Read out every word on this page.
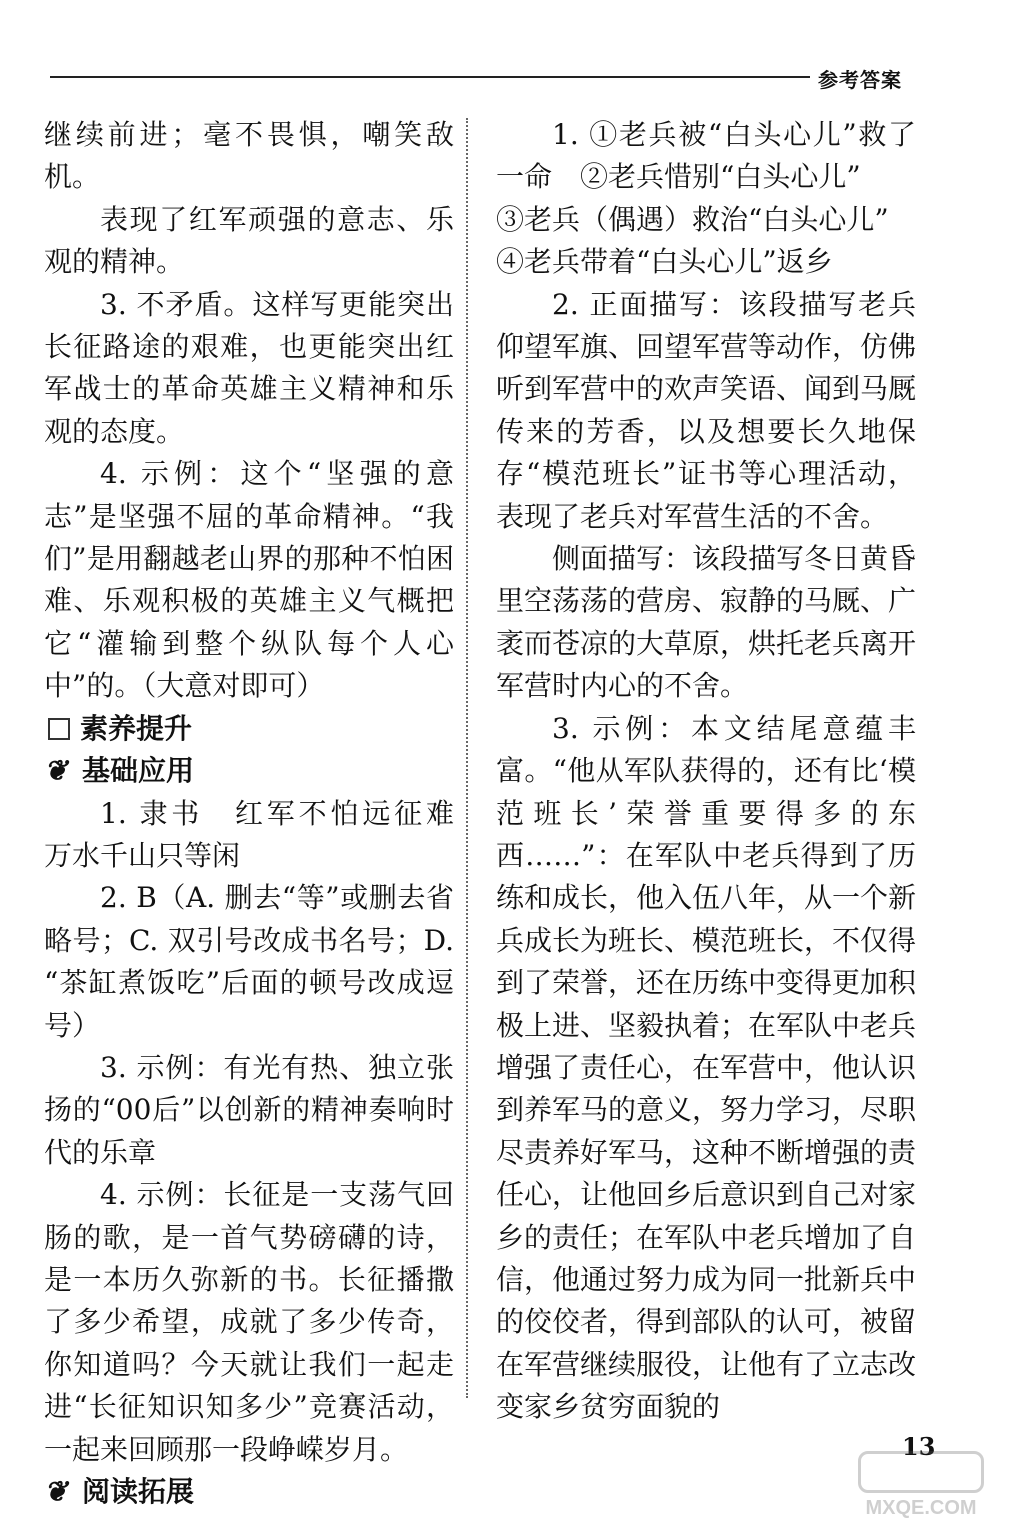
参考答案

继续前进；毫不畏惧，嘲笑敌机。

表现了红军顽强的意志、乐观的精神。

3. 不矛盾。这样写更能突出长征路途的艰难，也更能突出红军战士的革命英雄主义精神和乐观的态度。

4. 示例：这个“坚强的意志”是坚强不屈的革命精神。“我们”是用翻越老山界的那种不怕困难、乐观积极的英雄主义气概把它“灌输到整个纵队每个人心中”的。（大意对即可）

素养提升

❦ 基础应用

1. 隶书　红军不怕远征难　万水千山只等闲

2. B（A. 删去“等”或删去省略号；C. 双引号改成书名号；D. “茶缸煮饭吃”后面的顿号改成逗号）

3. 示例：有光有热、独立张扬的“00后”以创新的精神奏响时代的乐章

4. 示例：长征是一支荡气回肠的歌，是一首气势磅礴的诗，是一本历久弥新的书。长征播撒了多少希望，成就了多少传奇，你知道吗？今天就让我们一起走进“长征知识知多少”竞赛活动，一起来回顾那一段峥嵘岁月。

❦ 阅读拓展

1. ①老兵被“白头心儿”救了一命　②老兵惜别“白头心儿”

③老兵（偶遇）救治“白头心儿”

④老兵带着“白头心儿”返乡

2. 正面描写：该段描写老兵仰望军旗、回望军营等动作，仿佛听到军营中的欢声笑语、闻到马厩传来的芳香，以及想要长久地保存“模范班长”证书等心理活动，表现了老兵对军营生活的不舍。

侧面描写：该段描写冬日黄昏里空荡荡的营房、寂静的马厩、广袤而苍凉的大草原，烘托老兵离开军营时内心的不舍。

3. 示例：本文结尾意蕴丰富。“他从军队获得的，还有比‘模范班长’荣誉重要得多的东西……”：在军队中老兵得到了历练和成长，他入伍八年，从一个新兵成长为班长、模范班长，不仅得到了荣誉，还在历练中变得更加积极上进、坚毅执着；在军队中老兵增强了责任心，在军营中，他认识到养军马的意义，努力学习，尽职尽责养好军马，这种不断增强的责任心，让他回乡后意识到自己对家乡的责任；在军队中老兵增加了自信，他通过努力成为同一批新兵中的佼佼者，得到部队的认可，被留在军营继续服役，让他有了立志改变家乡贫穷面貌的

13
MXQE.COM
